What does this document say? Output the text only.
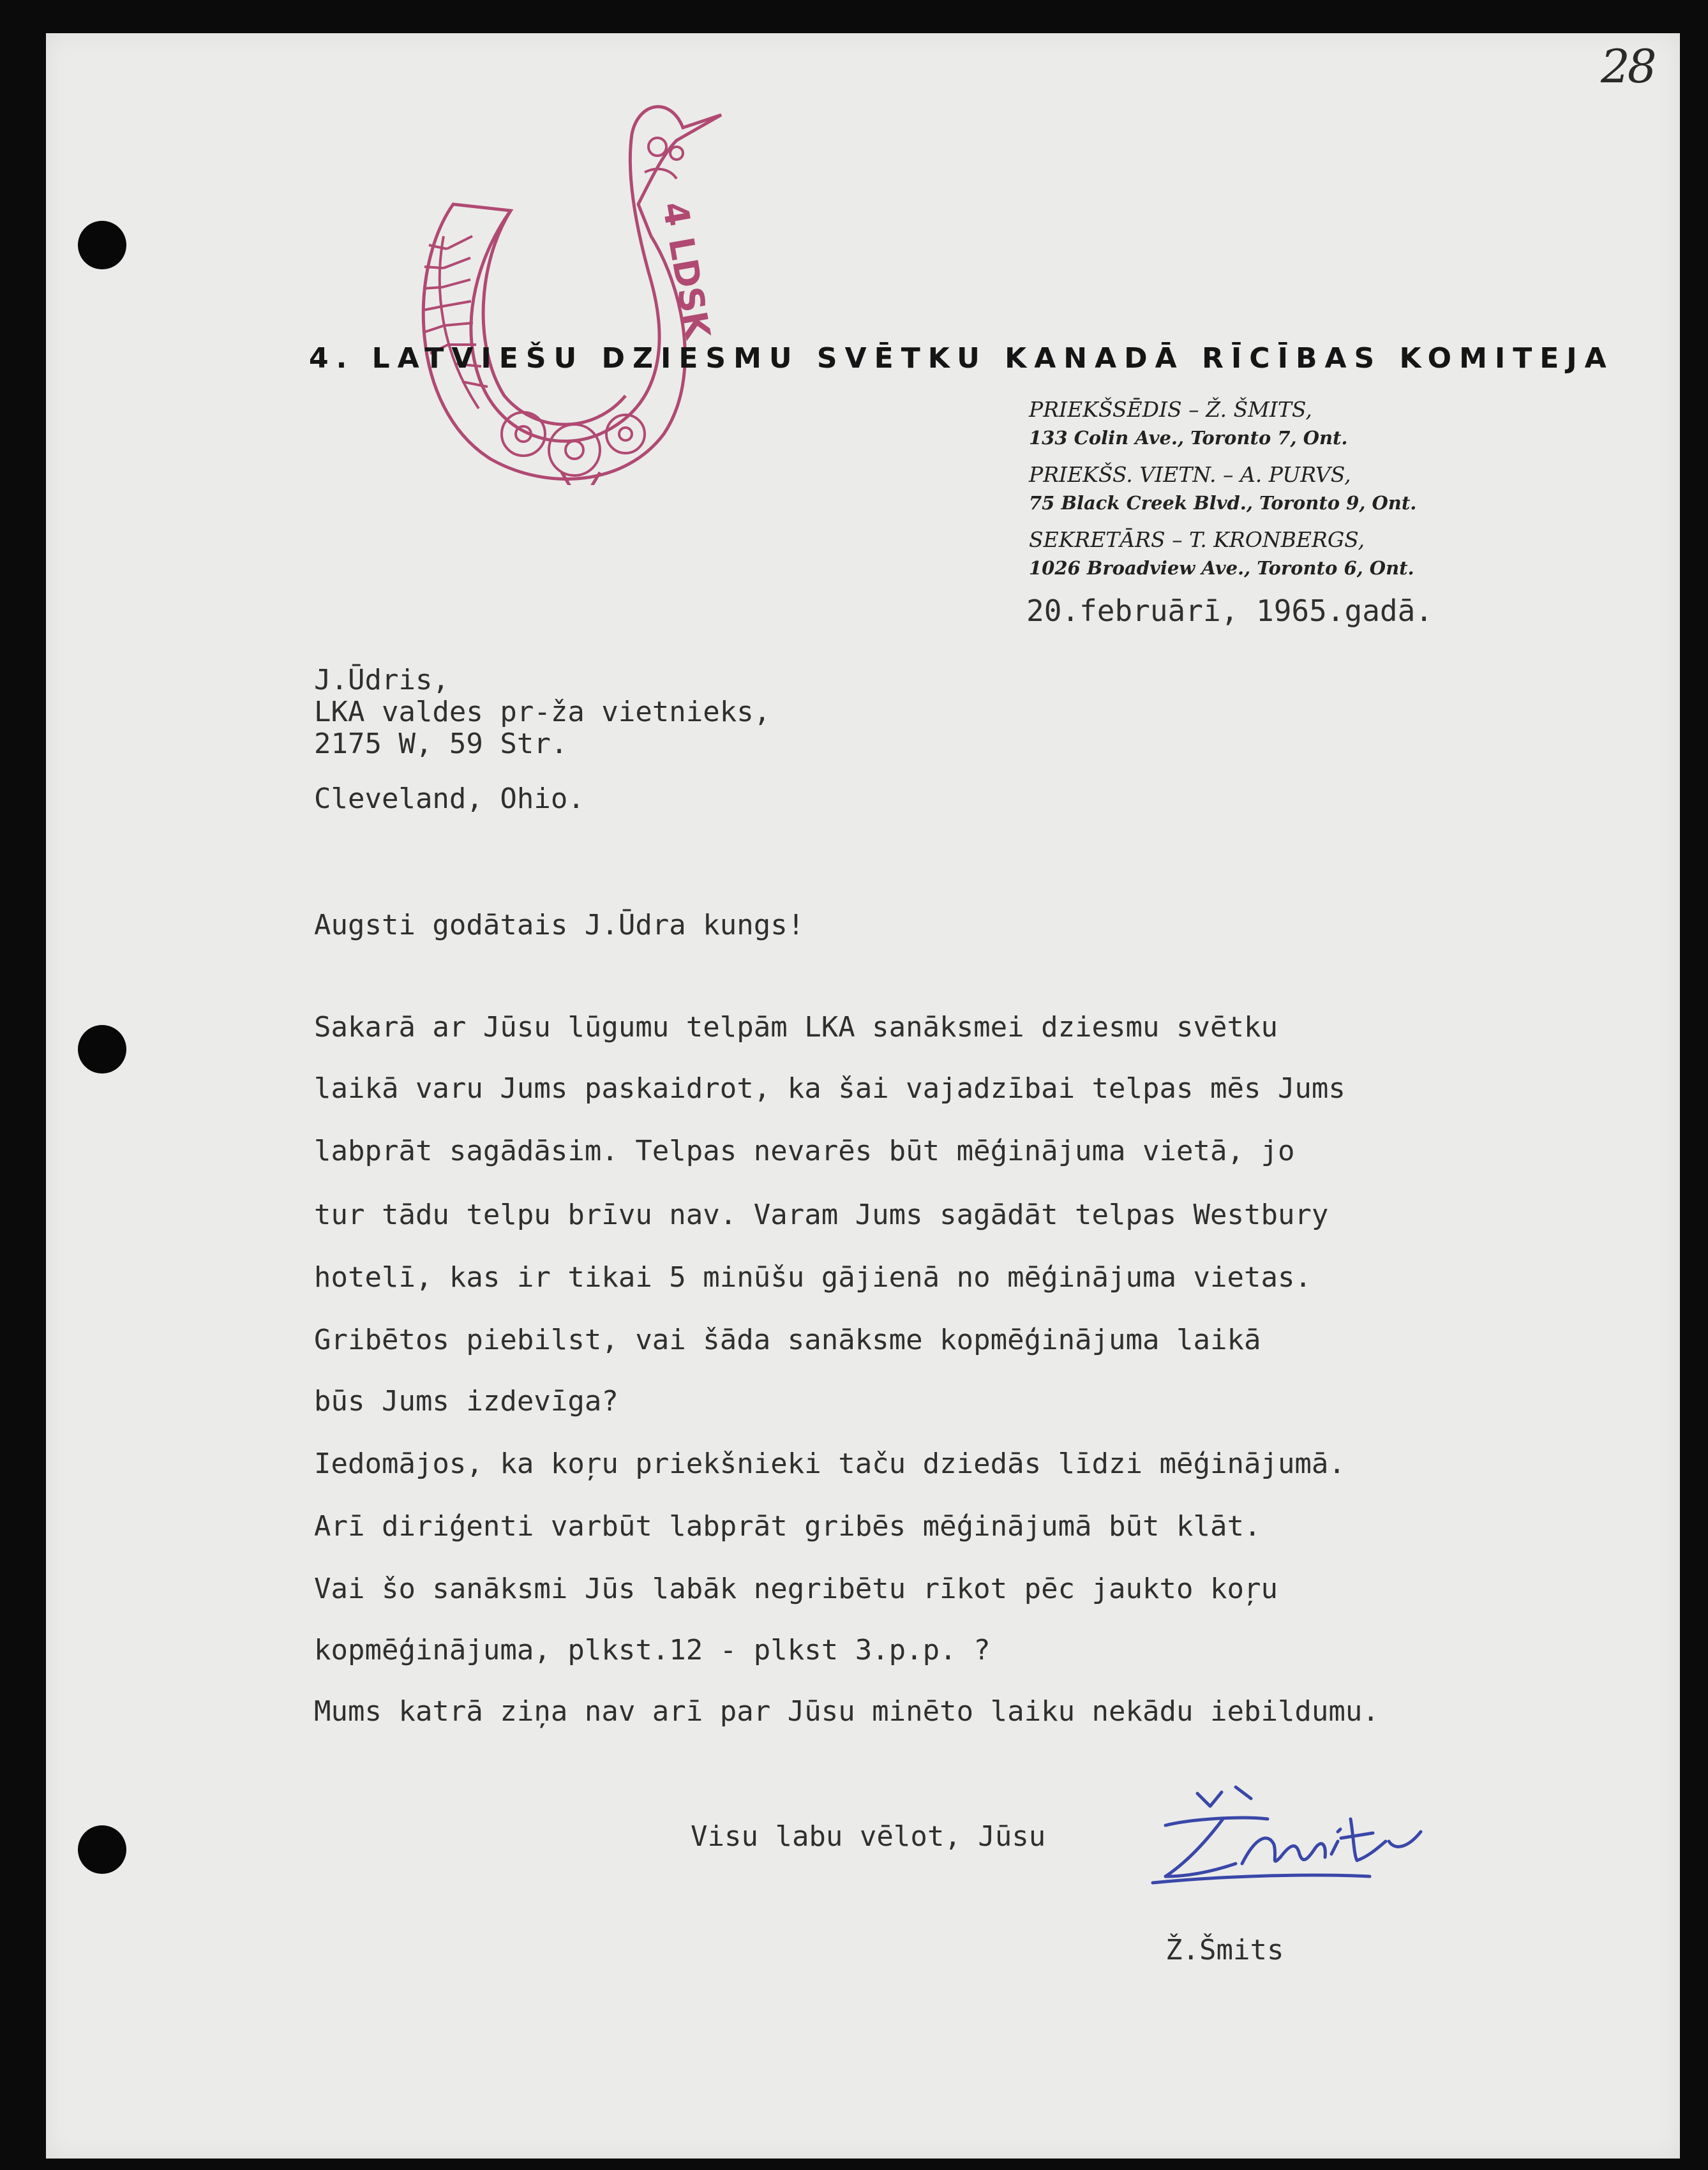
28
4 LDSK
4. LATVIEŠU DZIESMU SVĒTKU KANADĀ RĪCĪBAS KOMITEJA
PRIEKŠSĒDIS – Ž. ŠMITS,
133 Colin Ave., Toronto 7, Ont.
PRIEKŠS. VIETN. – A. PURVS,
75 Black Creek Blvd., Toronto 9, Ont.
SEKRETĀRS – T. KRONBERGS,
1026 Broadview Ave., Toronto 6, Ont.
20.februārī, 1965.gadā.
J.Ūdris,
LKA valdes pr-ža vietnieks,
2175 W, 59 Str.
Cleveland, Ohio.
Augsti godātais J.Ūdra kungs!
Sakarā ar Jūsu lūgumu telpām LKA sanāksmei dziesmu svētku
laikā varu Jums paskaidrot, ka šai vajadzībai telpas mēs Jums
labprāt sagādāsim. Telpas nevarēs būt mēģinājuma vietā, jo
tur tādu telpu brīvu nav. Varam Jums sagādāt telpas Westbury
hotelī, kas ir tikai 5 minūšu gājienā no mēģinājuma vietas.
Gribētos piebilst, vai šāda sanāksme kopmēģinājuma laikā
būs Jums izdevīga?
Iedomājos, ka koŗu priekšnieki taču dziedās līdzi mēģinājumā.
Arī diriģenti varbūt labprāt gribēs mēģinājumā būt klāt.
Vai šo sanāksmi Jūs labāk negribētu rīkot pēc jaukto koŗu
kopmēģinājuma, plkst.12 - plkst 3.p.p. ?
Mums katrā ziņa nav arī par Jūsu minēto laiku nekādu iebildumu.
Visu labu vēlot, Jūsu
Ž.Šmits
